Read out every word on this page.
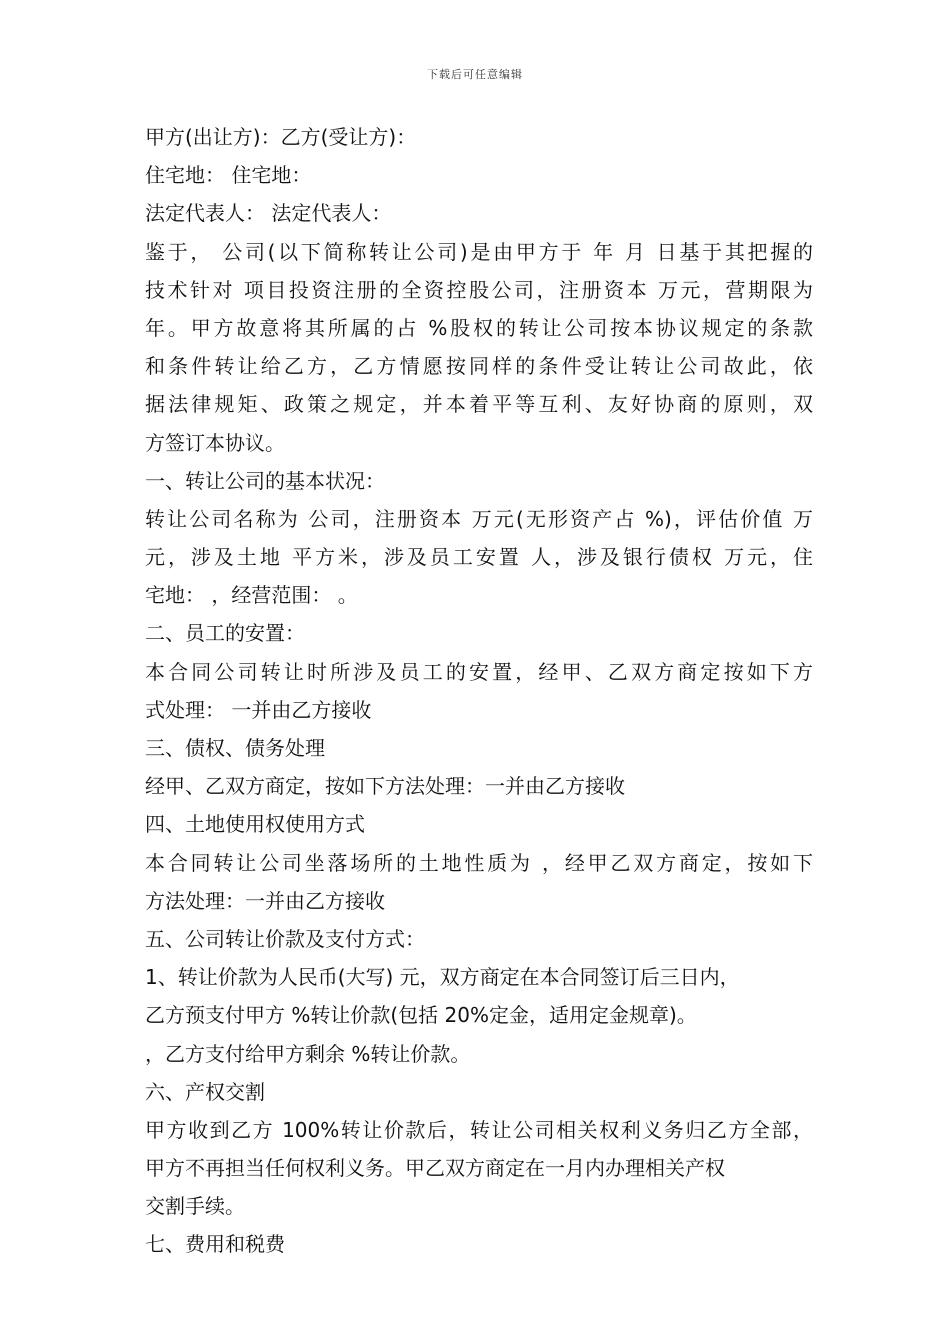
下载后可任意编辑
甲方(出让方)：乙方(受让方)：
住宅地： 住宅地：
法定代表人： 法定代表人：
鉴于， 公司(以下简称转让公司)是由甲方于 年 月 日基于其把握的
技术针对 项目投资注册的全资控股公司，注册资本 万元，营期限为
年。甲方故意将其所属的占 %股权的转让公司按本协议规定的条款
和条件转让给乙方，乙方情愿按同样的条件受让转让公司故此，依
据法律规矩、政策之规定，并本着平等互利、友好协商的原则，双
方签订本协议。
一、转让公司的基本状况：
转让公司名称为 公司，注册资本 万元(无形资产占 %)，评估价值 万
元，涉及土地 平方米，涉及员工安置 人，涉及银行债权 万元，住
宅地： ，经营范围： 。
二、员工的安置：
本合同公司转让时所涉及员工的安置，经甲、乙双方商定按如下方
式处理： 一并由乙方接收
三、债权、债务处理
经甲、乙双方商定，按如下方法处理：一并由乙方接收
四、土地使用权使用方式
本合同转让公司坐落场所的土地性质为 ，经甲乙双方商定，按如下
方法处理：一并由乙方接收
五、公司转让价款及支付方式：
1、转让价款为人民币(大写) 元，双方商定在本合同签订后三日内，
乙方预支付甲方 %转让价款(包括 20%定金，适用定金规章)。
，乙方支付给甲方剩余 %转让价款。
六、产权交割
甲方收到乙方 100%转让价款后，转让公司相关权利义务归乙方全部，
甲方不再担当任何权利义务。甲乙双方商定在一月内办理相关产权
交割手续。
七、费用和税费
